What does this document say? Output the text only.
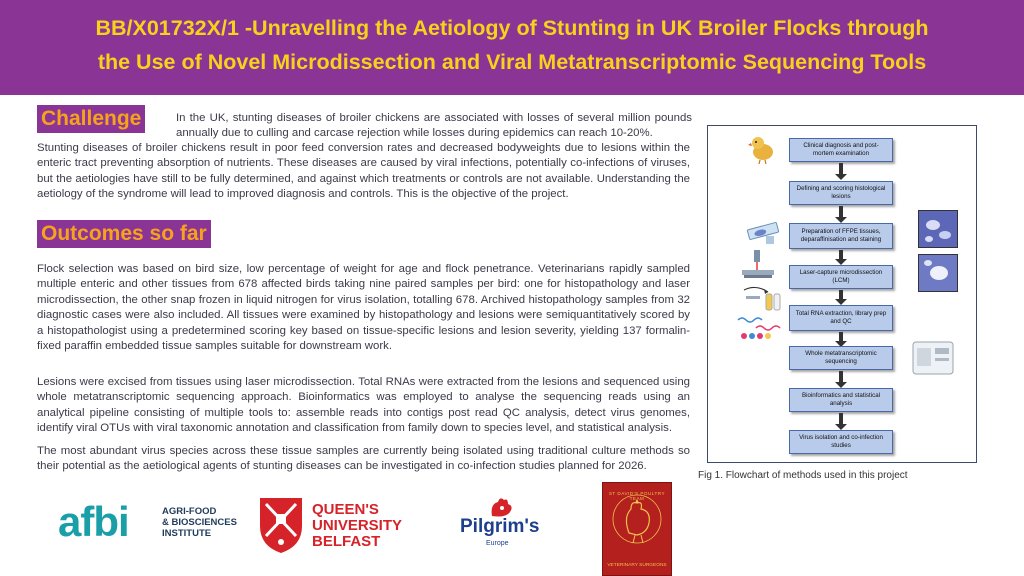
BB/X01732X/1 -Unravelling the Aetiology of Stunting in UK Broiler Flocks through
the Use of Novel Microdissection and Viral Metatranscriptomic Sequencing Tools
Challenge	In the UK, stunting diseases of broiler chickens are associated with losses of several million pounds annually due to culling and carcase rejection while losses during epidemics can reach 10-20%.

Stunting diseases of broiler chickens result in poor feed conversion rates and decreased bodyweights due to lesions within the enteric tract preventing absorption of nutrients. These diseases are caused by viral infections, potentially co-infections of viruses, but the aetiologies have still to be fully determined, and against which treatments or controls are not available. Understanding the aetiology of the syndrome will lead to improved diagnosis and controls. This is the objective of the project.

Outcomes so far

Flock selection was based on bird size, low percentage of weight for age and flock penetrance. Veterinarians rapidly sampled multiple enteric and other tissues from 678 affected birds taking nine paired samples per bird: one for histopathology and laser microdissection, the other snap frozen in liquid nitrogen for virus isolation, totalling 678. Archived histopathology samples from 32 diagnostic cases were also included. All tissues were examined by histopathology and lesions were semiquantitatively scored by a histopathologist using a predetermined scoring key based on tissue-specific lesions and lesion severity, yielding 137 formalin-fixed paraffin embedded tissue samples suitable for downstream work.

Lesions were excised from tissues using laser microdissection. Total RNAs were extracted from the lesions and sequenced using whole metatranscriptomic sequencing approach. Bioinformatics was employed to analyse the sequencing reads using an analytical pipeline consisting of multiple tools to: assemble reads into contigs post read QC analysis, detect virus genomes, identify viral OTUs with viral taxonomic annotation and classification from family down to species level, and statistical analysis.

The most abundant virus species across these tissue samples are currently being isolated using traditional culture methods so their potential as the aetiological agents of stunting diseases can be investigated in co-infection studies planned for 2026.

Clinical diagnosis and post-mortem examination
Defining and scoring histological lesions
Preparation of FFPE tissues, deparaffinisation and staining
Laser-capture microdissection (LCM)
Total RNA extraction, library prep and QC
Whole metatranscriptomic sequencing
Bioinformatics and statistical analysis
Virus isolation and co-infection studies
Fig 1. Flowchart of methods used in this project
afbi	AGRI-FOOD
& BIOSCIENCES
INSTITUTE
QUEEN'S
UNIVERSITY
BELFAST
Pilgrim's
Europe
ST DAVID'S POULTRY TEAM
VETERINARY SURGEONS
